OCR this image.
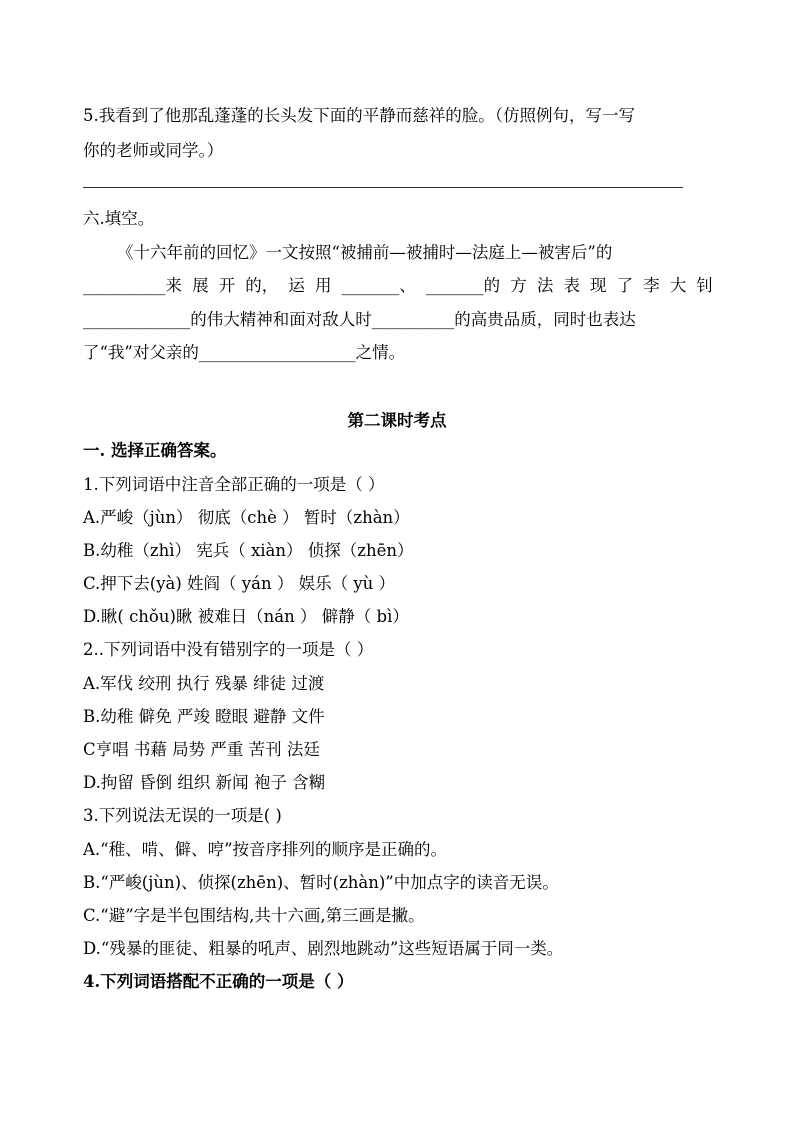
5.我看到了他那乱蓬蓬的长头发下面的平静而慈祥的脸。（仿照例句，写一写
你的老师或同学。）
六.填空。
《十六年前的回忆》一文按照“被捕前—被捕时—法庭上—被害后”的
__________来 展 开 的， 运 用 _______、 _______的 方 法 表 现 了 李 大 钊
_____________的伟大精神和面对敌人时__________的高贵品质，同时也表达
了“我”对父亲的___________________之情。
第二课时考点
一. 选择正确答案。
1.下列词语中注音全部正确的一项是（ ）
A.严峻（jùn） 彻底（chè ） 暂时（zhàn）
B.幼稚（zhì） 宪兵（ xiàn） 侦探（zhēn）
C.押下去(yà) 姓阎（ yán ） 娱乐（ yù ）
D.瞅( chǒu)瞅 被难日（nán ） 僻静（ bì）
2..下列词语中没有错别字的一项是（ ）
A.军伐 绞刑 执行 残暴 绯徒 过渡
B.幼稚 僻免 严竣 瞪眼 避静 文件
C亨唱 书藉 局势 严重 苦刊 法廷
D.拘留 昏倒 组织 新闻 袍子 含糊
3.下列说法无误的一项是( )
A.“稚、啃、僻、哼”按音序排列的顺序是正确的。
B.“严峻(jùn)、侦探(zhēn)、暂时(zhàn)”中加点字的读音无误。
C.“避”字是半包围结构,共十六画,第三画是撇。
D.“残暴的匪徒、粗暴的吼声、剧烈地跳动”这些短语属于同一类。
4.下列词语搭配不正确的一项是（ ）
